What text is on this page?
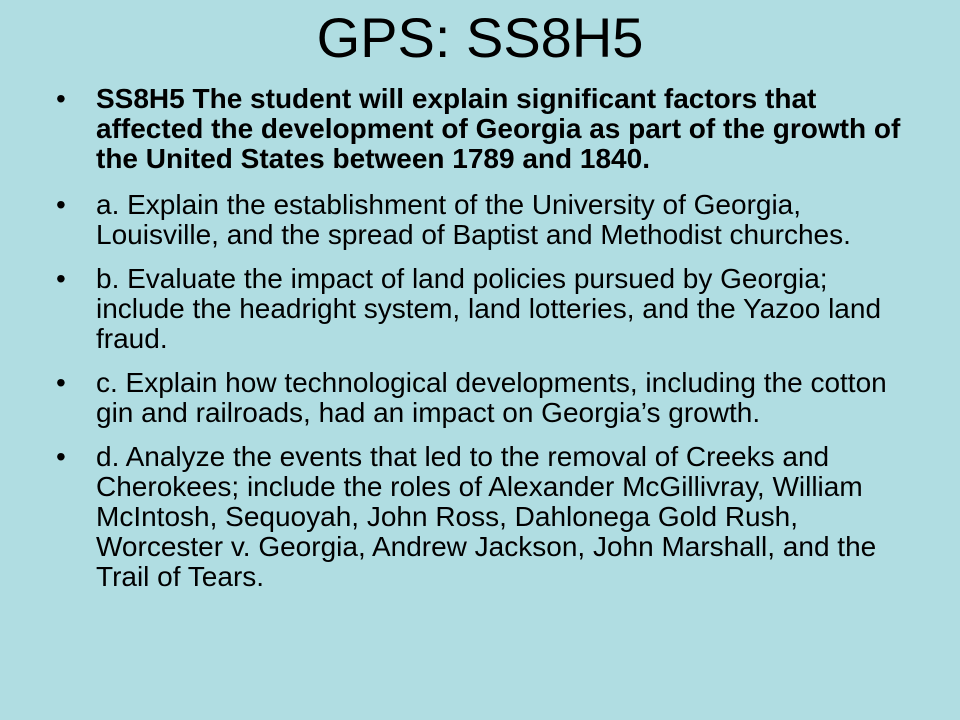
GPS: SS8H5
• SS8H5 The student will explain significant factors that affected the development of Georgia as part of the growth of the United States between 1789 and 1840.
• a. Explain the establishment of the University of Georgia, Louisville, and the spread of Baptist and Methodist churches.
• b. Evaluate the impact of land policies pursued by Georgia; include the headright system, land lotteries, and the Yazoo land fraud.
• c. Explain how technological developments, including the cotton gin and railroads, had an impact on Georgia’s growth.
• d. Analyze the events that led to the removal of Creeks and Cherokees; include the roles of Alexander McGillivray, William McIntosh, Sequoyah, John Ross, Dahlonega Gold Rush, Worcester v. Georgia, Andrew Jackson, John Marshall, and the Trail of Tears.
